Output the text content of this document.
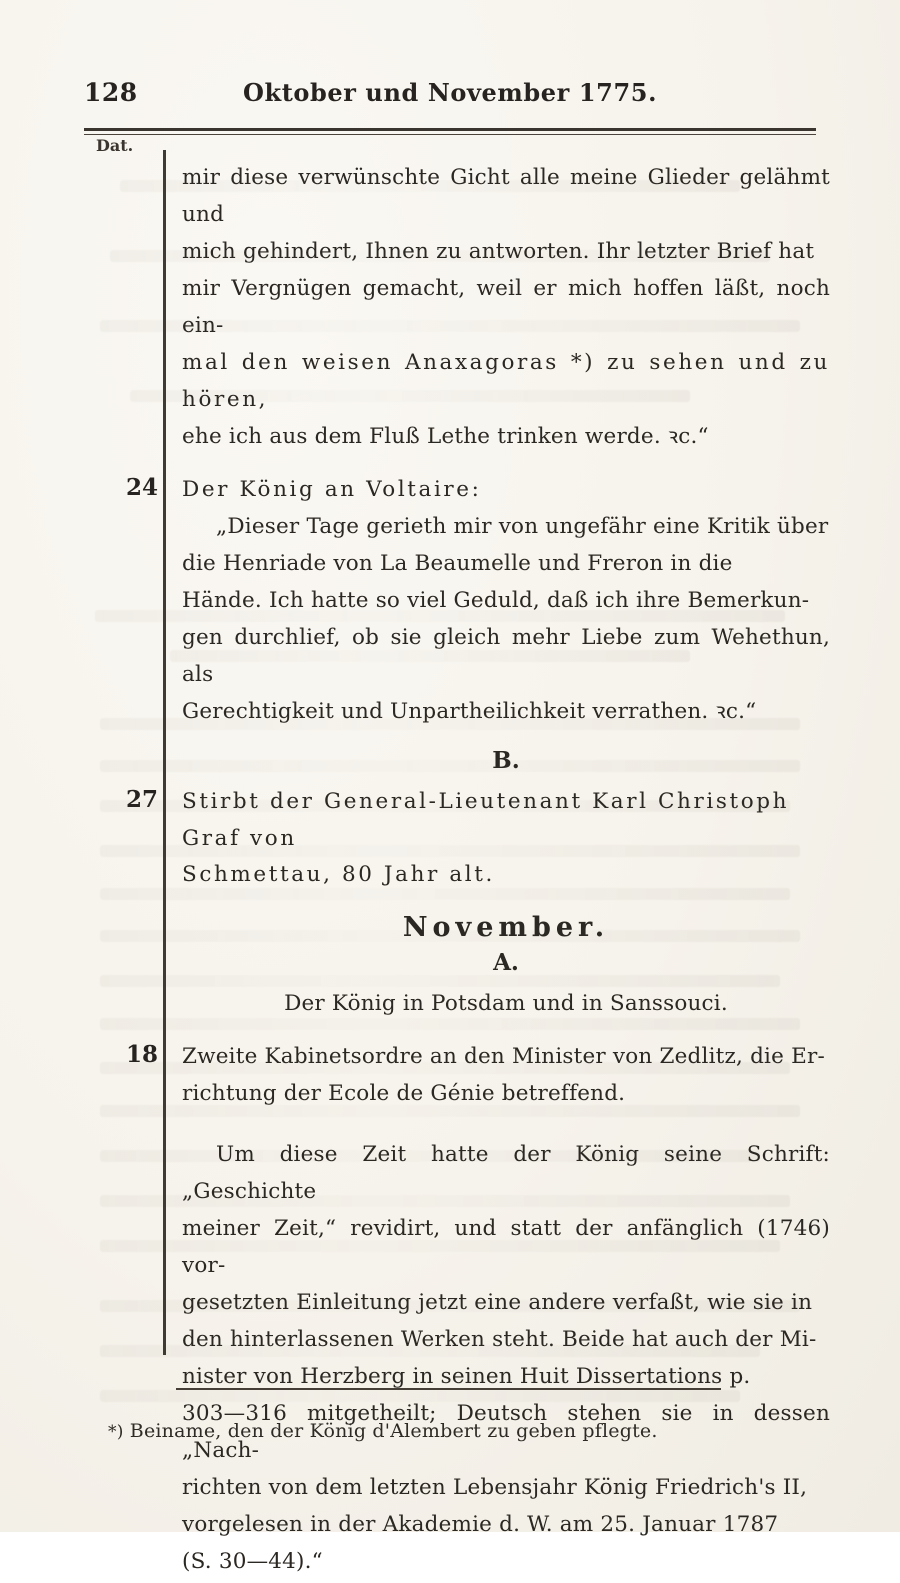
128	Oktober und November 1775.
Dat.
mir diese verwünschte Gicht alle meine Glieder gelähmt und
mich gehindert, Ihnen zu antworten. Ihr letzter Brief hat
mir Vergnügen gemacht, weil er mich hoffen läßt, noch ein-
mal den weisen Anaxagoras *) zu sehen und zu hören,
ehe ich aus dem Fluß Lethe trinken werde. ꝛc.“
24 Der König an Voltaire:
„Dieser Tage gerieth mir von ungefähr eine Kritik über
die Henriade von La Beaumelle und Freron in die
Hände. Ich hatte so viel Geduld, daß ich ihre Bemerkun-
gen durchlief, ob sie gleich mehr Liebe zum Wehethun, als
Gerechtigkeit und Unpartheilichkeit verrathen. ꝛc.“
B.
27 Stirbt der General-Lieutenant Karl Christoph Graf von
Schmettau, 80 Jahr alt.
November.
A.
Der König in Potsdam und in Sanssouci.
18 Zweite Kabinetsordre an den Minister von Zedlitz, die Er-
richtung der Ecole de Génie betreffend.
Um diese Zeit hatte der König seine Schrift: „Geschichte
meiner Zeit,“ revidirt, und statt der anfänglich (1746) vor-
gesetzten Einleitung jetzt eine andere verfaßt, wie sie in
den hinterlassenen Werken steht. Beide hat auch der Mi-
nister von Herzberg in seinen Huit Dissertations p.
303—316 mitgetheilt; Deutsch stehen sie in dessen „Nach-
richten von dem letzten Lebensjahr König Friedrich's II,
vorgelesen in der Akademie d. W. am 25. Januar 1787
(S. 30—44).“
*) Beiname, den der König d'Alembert zu geben pflegte.
